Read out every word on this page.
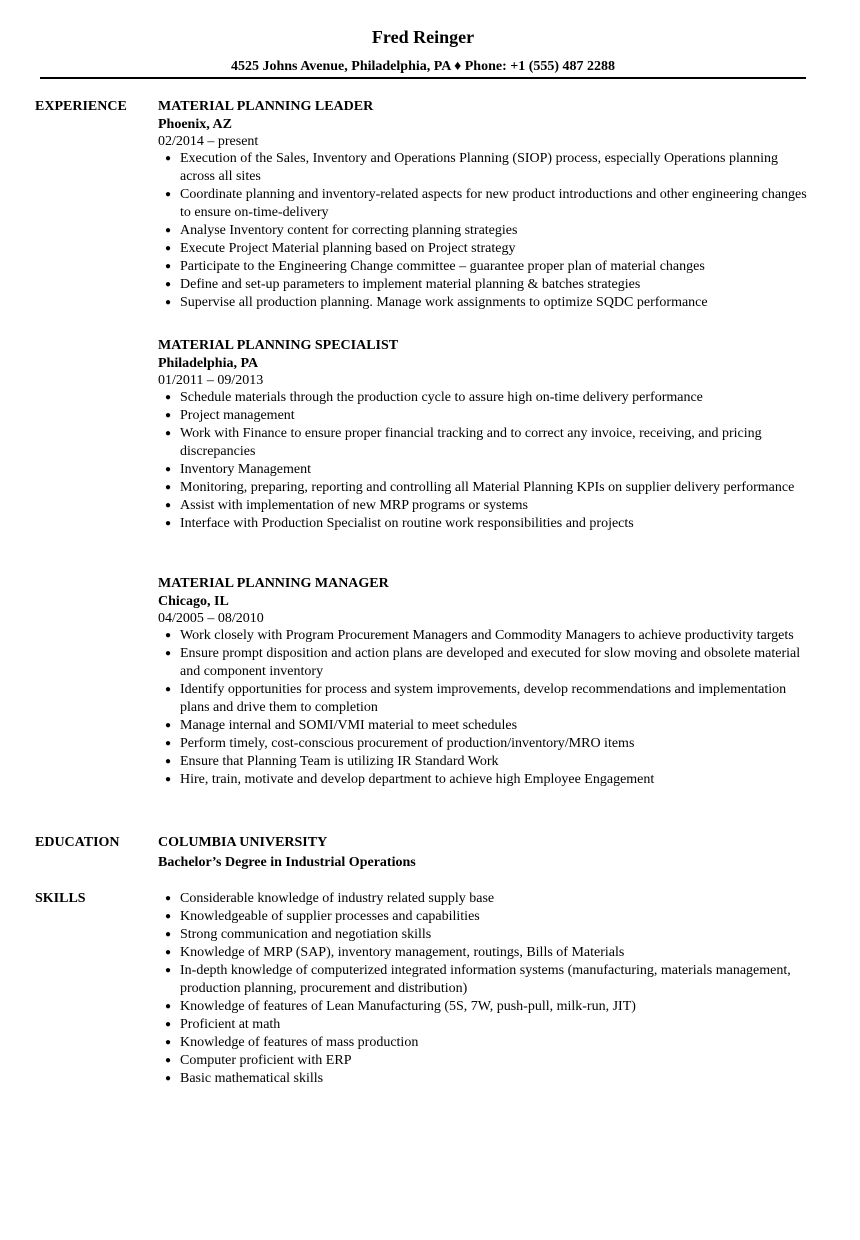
Fred Reinger
4525 Johns Avenue, Philadelphia, PA ♦ Phone: +1 (555) 487 2288
EXPERIENCE MATERIAL PLANNING LEADER
Phoenix, AZ
02/2014 – present
● Execution of the Sales, Inventory and Operations Planning (SIOP) process, especially Operations planning across all sites
● Coordinate planning and inventory-related aspects for new product introductions and other engineering changes to ensure on-time-delivery
● Analyse Inventory content for correcting planning strategies
● Execute Project Material planning based on Project strategy
● Participate to the Engineering Change committee – guarantee proper plan of material changes
● Define and set-up parameters to implement material planning & batches strategies
● Supervise all production planning. Manage work assignments to optimize SQDC performance
MATERIAL PLANNING SPECIALIST
Philadelphia, PA
01/2011 – 09/2013
● Schedule materials through the production cycle to assure high on-time delivery performance
● Project management
● Work with Finance to ensure proper financial tracking and to correct any invoice, receiving, and pricing discrepancies
● Inventory Management
● Monitoring, preparing, reporting and controlling all Material Planning KPIs on supplier delivery performance
● Assist with implementation of new MRP programs or systems
● Interface with Production Specialist on routine work responsibilities and projects
MATERIAL PLANNING MANAGER
Chicago, IL
04/2005 – 08/2010
● Work closely with Program Procurement Managers and Commodity Managers to achieve productivity targets
● Ensure prompt disposition and action plans are developed and executed for slow moving and obsolete material and component inventory
● Identify opportunities for process and system improvements, develop recommendations and implementation plans and drive them to completion
● Manage internal and SOMI/VMI material to meet schedules
● Perform timely, cost-conscious procurement of production/inventory/MRO items
● Ensure that Planning Team is utilizing IR Standard Work
● Hire, train, motivate and develop department to achieve high Employee Engagement
EDUCATION	COLUMBIA UNIVERSITY
Bachelor’s Degree in Industrial Operations
SKILLS	● Considerable knowledge of industry related supply base
● Knowledgeable of supplier processes and capabilities
● Strong communication and negotiation skills
● Knowledge of MRP (SAP), inventory management, routings, Bills of Materials
● In-depth knowledge of computerized integrated information systems (manufacturing, materials management, production planning, procurement and distribution)
● Knowledge of features of Lean Manufacturing (5S, 7W, push-pull, milk-run, JIT)
● Proficient at math
● Knowledge of features of mass production
● Computer proficient with ERP
● Basic mathematical skills
